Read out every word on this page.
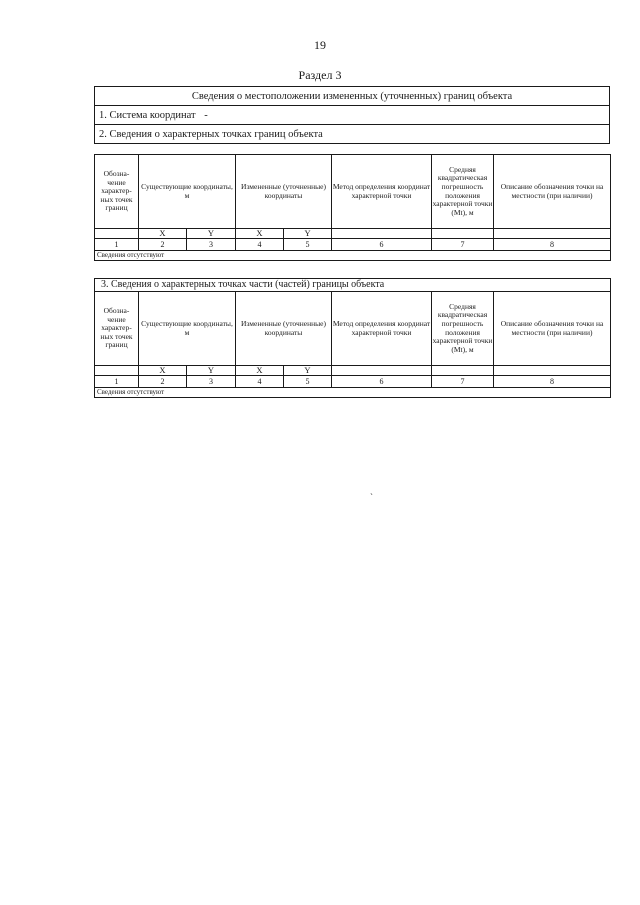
19
Раздел 3
Сведения о местоположении измененных (уточненных) границ объекта
1. Система координат -
2. Сведения о характерных точках границ объекта
Обозна-чение характер-ных точек границ	Существующие координаты, м		Измененные (уточненные) координаты		Метод определения координат характерной точки	Средняя квадратическая погрешность положения характерной точки (Mt), м	Описание обозначения точки на местности (при наличии)
	X	Y	X	Y			
1	2	3	4	5	6	7	8
Сведения отсутствуют							
3. Сведения о характерных точках части (частей) границы объекта							
Обозна-чение характер-ных точек границ	Существующие координаты, м		Измененные (уточненные) координаты		Метод определения координат характерной точки	Средняя квадратическая погрешность положения характерной точки (Mt), м	Описание обозначения точки на местности (при наличии)
	X	Y	X	Y			
1	2	3	4	5	6	7	8
Сведения отсутствуют							
ˏ
